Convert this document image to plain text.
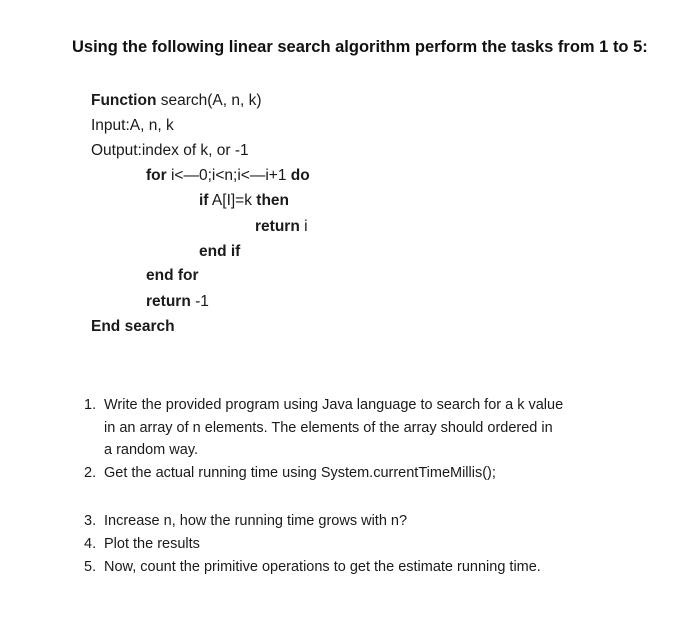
Using the following linear search algorithm perform the tasks from 1 to 5:
Function search(A, n, k)
Input:A, n, k
Output:index of k, or -1
for i<—0;i<n;i<—i+1 do
if A[I]=k then
return i
end if
end for
return -1
End search
1. Write the provided program using Java language to search for a k value in an array of n elements. The elements of the array should ordered in a random way.
2. Get the actual running time using System.currentTimeMillis();
3. Increase n, how the running time grows with n?
4. Plot the results
5. Now, count the primitive operations to get the estimate running time.
